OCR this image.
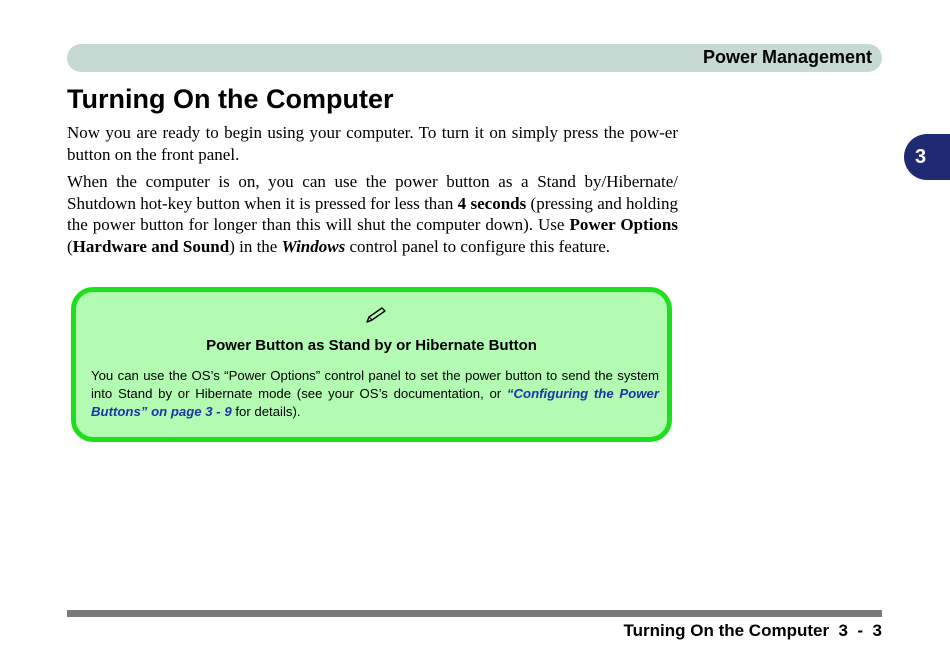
Power Management
3
Turning On the Computer

Now you are ready to begin using your computer. To turn it on simply press the pow-er button on the front panel.

When the computer is on, you can use the power button as a Stand by/Hibernate/ Shutdown hot-key button when it is pressed for less than 4 seconds (pressing and holding the power button for longer than this will shut the computer down). Use Power Options (Hardware and Sound) in the Windows control panel to configure this feature.

Power Button as Stand by or Hibernate Button

You can use the OS’s “Power Options” control panel to set the power button to send the system into Stand by or Hibernate mode (see your OS’s documentation, or “Configuring the Power Buttons” on page 3 - 9 for details).

Turning On the Computer  3  -  3
